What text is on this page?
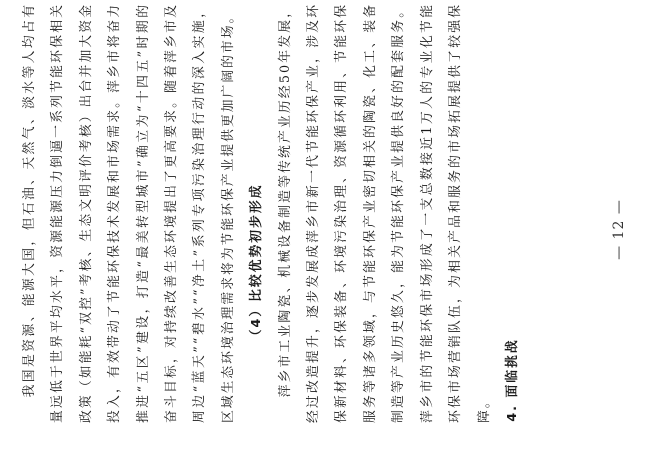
我国是资源、能源大国，但石油、天然气、淡水等人均占有量远低于世界平均水平，资源能源压力倒逼一系列节能环保相关政策（如能耗“双控”考核、生态文明评价考核）出台并加大资金投入，有效带动了节能环保技术发展和市场需求。萍乡市将奋力推进“五区”建设，打造“最美转型城市”确立为“十四五”时期的奋斗目标，对持续改善生态环境提出了更高要求。随着萍乡市及周边“蓝天”“碧水”“净土”系列专项污染治理行动的深入实施，区域生态环境治理需求将为节能环保产业提供更加广阔的市场。	（4）比较优势初步形成	萍乡市工业陶瓷、机械设备制造等传统产业历经50年发展，经过改造提升，逐步发展成萍乡市新一代节能环保产业，涉及环保新材料、环保装备、环境污染治理、资源循环利用、节能环保服务等诸多领域，与节能环保产业密切相关的陶瓷、化工、装备制造等产业历史悠久，能为节能环保产业提供良好的配套服务。萍乡市的节能环保市场形成了一支总数接近1万人的专业化节能环保市场营销队伍，为相关产品和服务的市场拓展提供了较强保障。	4. 面临挑战

— 12 —
